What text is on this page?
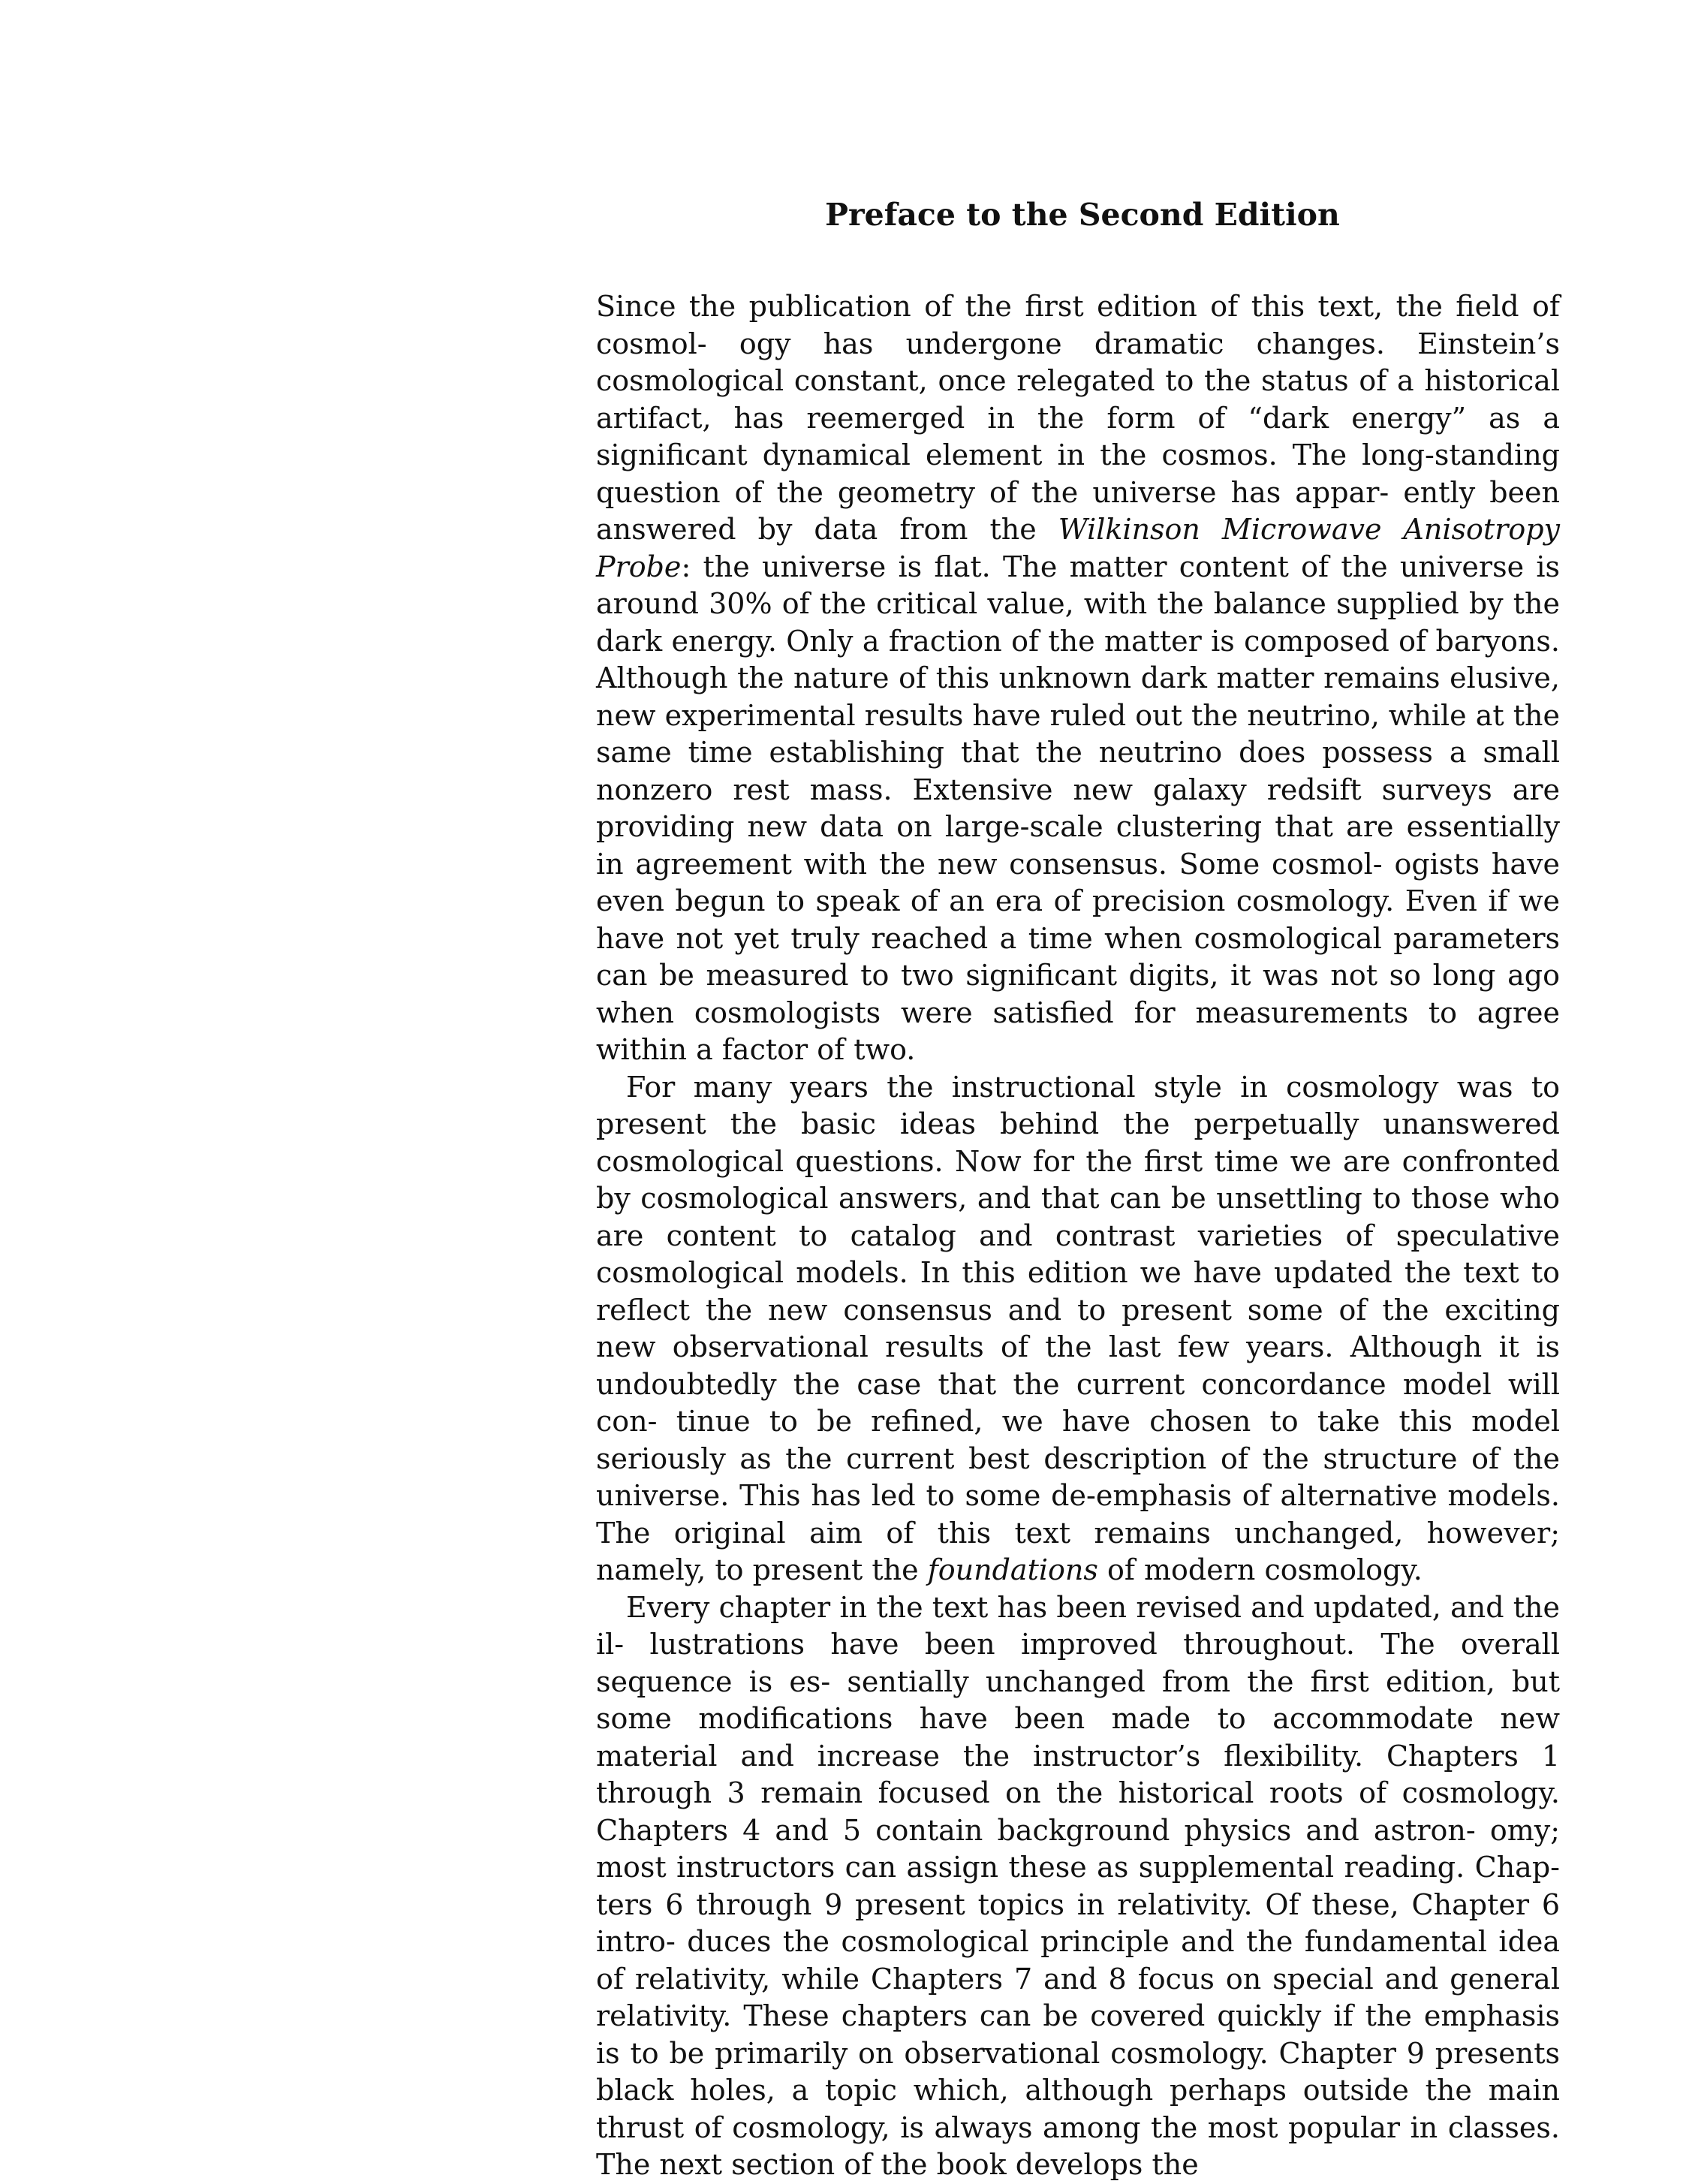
Preface to the Second Edition

Since the publication of the first edition of this text, the field of cosmol- ogy has undergone dramatic changes. Einstein’s cosmological constant, once relegated to the status of a historical artifact, has reemerged in the form of “dark energy” as a significant dynamical element in the cosmos. The long-standing question of the geometry of the universe has appar- ently been answered by data from the Wilkinson Microwave Anisotropy Probe: the universe is flat. The matter content of the universe is around 30% of the critical value, with the balance supplied by the dark energy. Only a fraction of the matter is composed of baryons. Although the nature of this unknown dark matter remains elusive, new experimental results have ruled out the neutrino, while at the same time establishing that the neutrino does possess a small nonzero rest mass. Extensive new galaxy redsift surveys are providing new data on large-scale clustering that are essentially in agreement with the new consensus. Some cosmol- ogists have even begun to speak of an era of precision cosmology. Even if we have not yet truly reached a time when cosmological parameters can be measured to two significant digits, it was not so long ago when cosmologists were satisfied for measurements to agree within a factor of two.

For many years the instructional style in cosmology was to present the basic ideas behind the perpetually unanswered cosmological questions. Now for the first time we are confronted by cosmological answers, and that can be unsettling to those who are content to catalog and contrast varieties of speculative cosmological models. In this edition we have updated the text to reflect the new consensus and to present some of the exciting new observational results of the last few years. Although it is undoubtedly the case that the current concordance model will con- tinue to be refined, we have chosen to take this model seriously as the current best description of the structure of the universe. This has led to some de-emphasis of alternative models. The original aim of this text remains unchanged, however; namely, to present the foundations of modern cosmology.

Every chapter in the text has been revised and updated, and the il- lustrations have been improved throughout. The overall sequence is es- sentially unchanged from the first edition, but some modifications have been made to accommodate new material and increase the instructor’s flexibility. Chapters 1 through 3 remain focused on the historical roots of cosmology. Chapters 4 and 5 contain background physics and astron- omy; most instructors can assign these as supplemental reading. Chap- ters 6 through 9 present topics in relativity. Of these, Chapter 6 intro- duces the cosmological principle and the fundamental idea of relativity, while Chapters 7 and 8 focus on special and general relativity. These chapters can be covered quickly if the emphasis is to be primarily on observational cosmology. Chapter 9 presents black holes, a topic which, although perhaps outside the main thrust of cosmology, is always among the most popular in classes. The next section of the book develops the
